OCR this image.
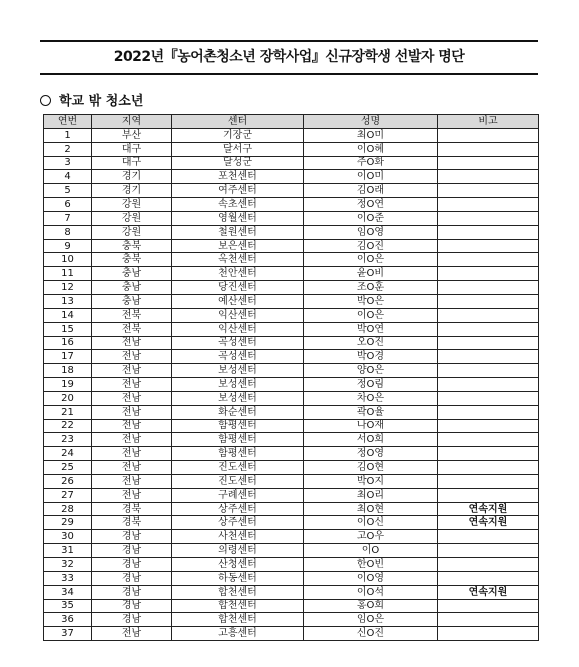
2022년『농어촌청소년 장학사업』신규장학생 선발자 명단
학교 밖 청소년
연번	지역	센터	성명	비고
1	부산	기장군	최O미	
2	대구	달서구	이O혜	
3	대구	달성군	주O화	
4	경기	포천센터	이O미	
5	경기	여주센터	김O래	
6	강원	속초센터	정O연	
7	강원	영월센터	이O준	
8	강원	철원센터	임O영	
9	충북	보은센터	김O진	
10	충북	옥천센터	이O은	
11	충남	천안센터	윤O비	
12	충남	당진센터	조O훈	
13	충남	예산센터	박O은	
14	전북	익산센터	이O은	
15	전북	익산센터	박O연	
16	전남	곡성센터	오O진	
17	전남	곡성센터	박O경	
18	전남	보성센터	양O은	
19	전남	보성센터	정O림	
20	전남	보성센터	차O은	
21	전남	화순센터	곽O율	
22	전남	함평센터	나O재	
23	전남	함평센터	서O희	
24	전남	함평센터	정O영	
25	전남	진도센터	김O현	
26	전남	진도센터	박O지	
27	전남	구례센터	최O리	
28	경북	상주센터	최O현	연속지원
29	경북	상주센터	이O신	연속지원
30	경남	사천센터	고O우	
31	경남	의령센터	이O	
32	경남	산청센터	한O빈	
33	경남	하동센터	이O영	
34	경남	합천센터	이O석	연속지원
35	경남	합천센터	홍O희	
36	경남	합천센터	임O은	
37	전남	고흥센터	신O진	
